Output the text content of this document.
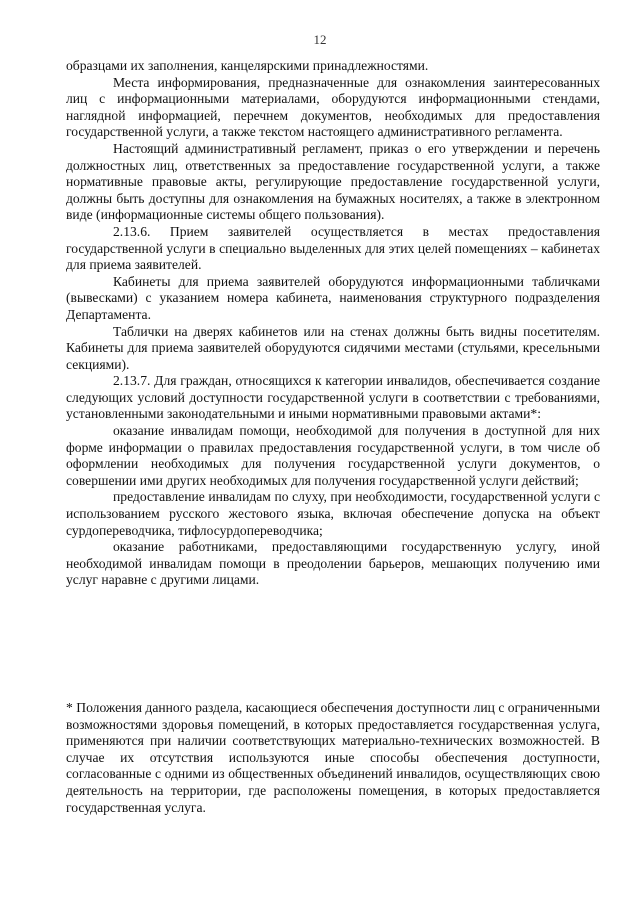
12

образцами их заполнения, канцелярскими принадлежностями.

Места информирования, предназначенные для ознакомления заинтересованных лиц с информационными материалами, оборудуются информационными стендами, наглядной информацией, перечнем документов, необходимых для предоставления государственной услуги, а также текстом настоящего административного регламента.

Настоящий административный регламент, приказ о его утверждении и перечень должностных лиц, ответственных за предоставление государственной услуги, а также нормативные правовые акты, регулирующие предоставление государственной услуги, должны быть доступны для ознакомления на бумажных носителях, а также в электронном виде (информационные системы общего пользования).

2.13.6. Прием заявителей осуществляется в местах предоставления государственной услуги в специально выделенных для этих целей помещениях – кабинетах для приема заявителей.

Кабинеты для приема заявителей оборудуются информационными табличками (вывесками) с указанием номера кабинета, наименования структурного подразделения Департамента.

Таблички на дверях кабинетов или на стенах должны быть видны посетителям. Кабинеты для приема заявителей оборудуются сидячими местами (стульями, кресельными секциями).

2.13.7. Для граждан, относящихся к категории инвалидов, обеспечивается создание следующих условий доступности государственной услуги в соответствии с требованиями, установленными законодательными и иными нормативными правовыми актами*:

оказание инвалидам помощи, необходимой для получения в доступной для них форме информации о правилах предоставления государственной услуги, в том числе об оформлении необходимых для получения государственной услуги документов, о совершении ими других необходимых для получения государственной услуги действий;

предоставление инвалидам по слуху, при необходимости, государственной услуги с использованием русского жестового языка, включая обеспечение допуска на объект сурдопереводчика, тифлосурдопереводчика;

оказание работниками, предоставляющими государственную услугу, иной необходимой инвалидам помощи в преодолении барьеров, мешающих получению ими услуг наравне с другими лицами.

* Положения данного раздела, касающиеся обеспечения доступности лиц с ограниченными возможностями здоровья помещений, в которых предоставляется государственная услуга, применяются при наличии соответствующих материально-технических возможностей. В случае их отсутствия используются иные способы обеспечения доступности, согласованные с одними из общественных объединений инвалидов, осуществляющих свою деятельность на территории, где расположены помещения, в которых предоставляется государственная услуга.
